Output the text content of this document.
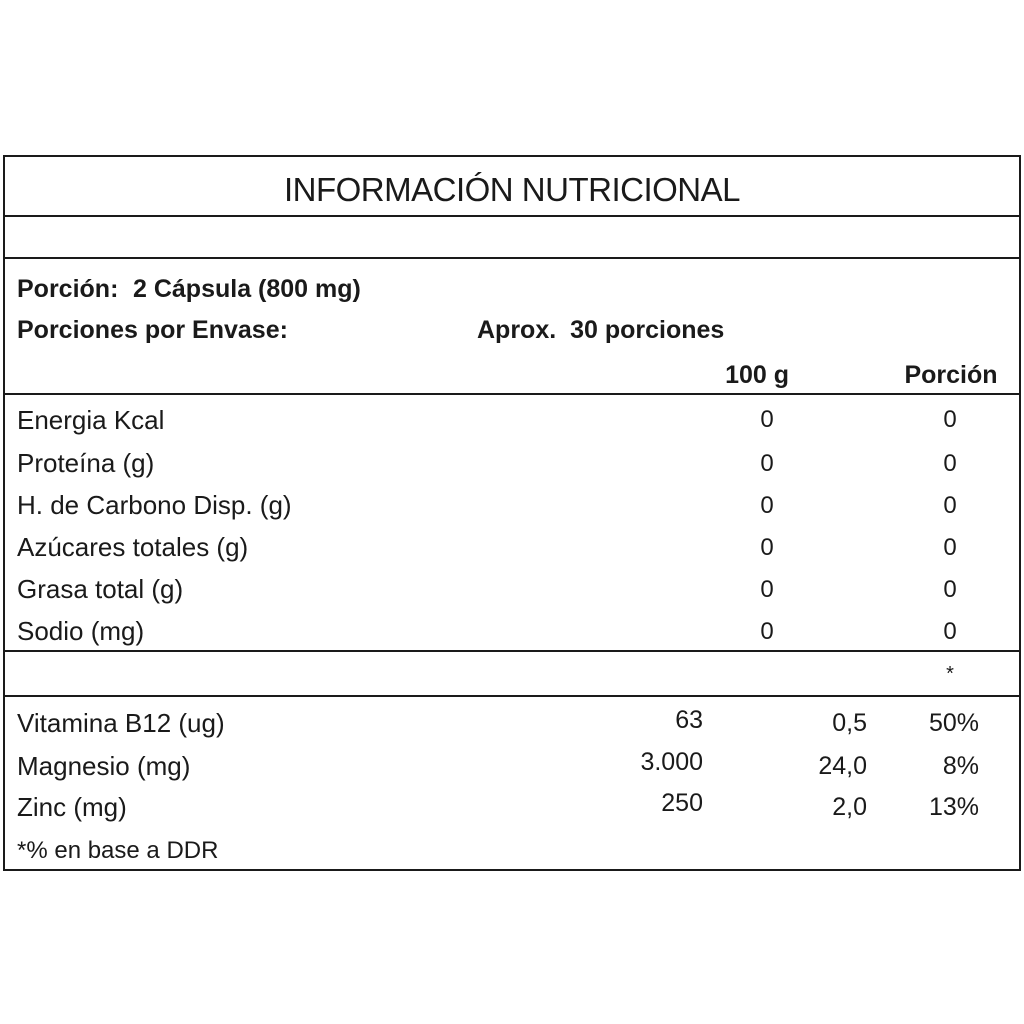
INFORMACIÓN NUTRICIONAL
Porción: 2 Cápsula (800 mg)
Porciones por Envase:	Aprox.  30 porciones
100 g	Porción
Energia Kcal	0	0
Proteína (g)	0	0
H. de Carbono Disp. (g)	0	0
Azúcares totales (g)	0	0
Grasa total (g)	0	0
Sodio (mg)	0	0
*
Vitamina B12 (ug)	63	0,5	50%
Magnesio (mg)	3.000	24,0	8%
Zinc (mg)	250	2,0	13%
*% en base a DDR
